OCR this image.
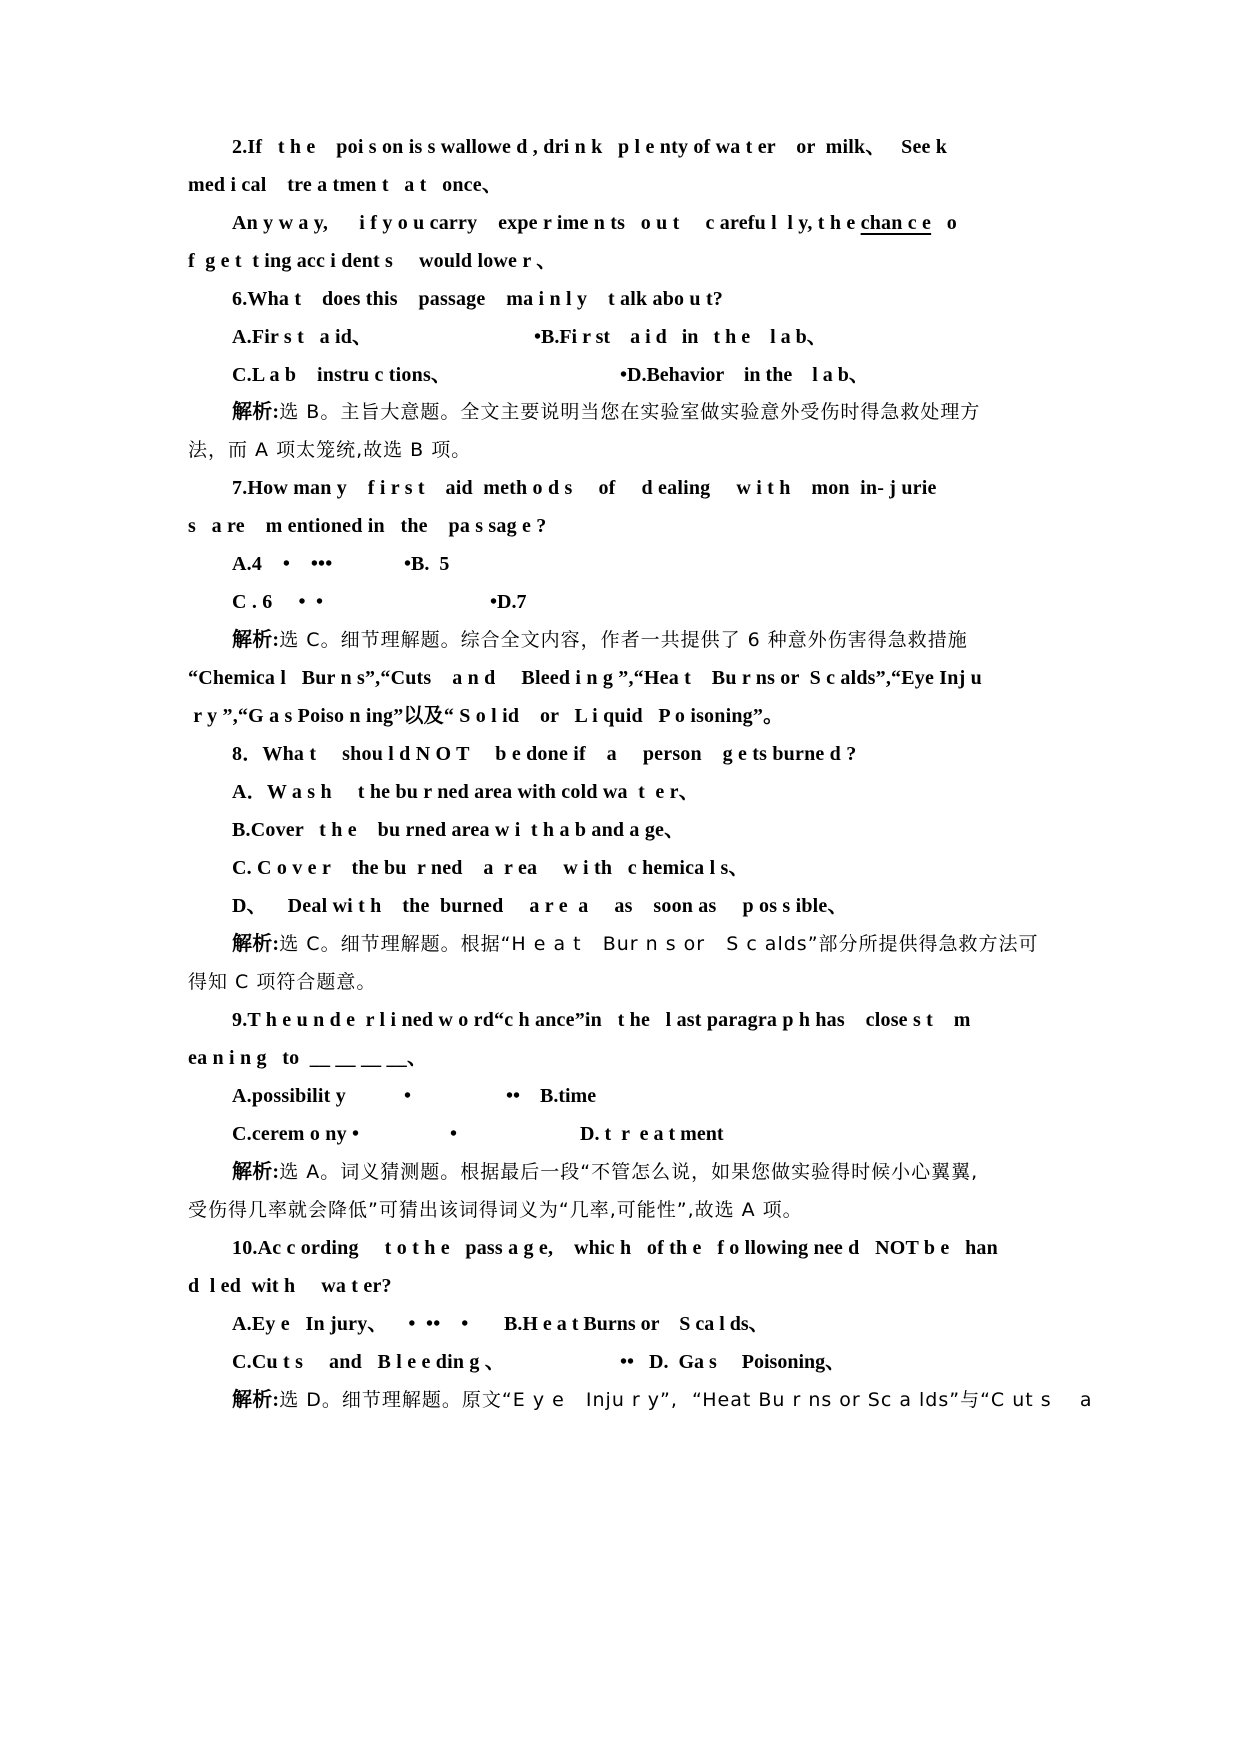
2.If   t h e    poi s on is s wallowe d , dri n k   p l e nty of wa t er    or  milk、   See k
med i cal    tre a tmen t   a t   once、
An y w a y,      i f y o u carry    expe r ime n ts   o u t     c arefu l  l y, t h e chan c e   o
f  g e t  t ing acc i dent s     would lowe r 、
6.Wha t    does this    passage    ma i n l y    t alk abo u t?
A.Fir s t   a id、	•B.Fi r st    a i d   in   t h e    l a b、
C.L a b    instru c tions、	•D.Behavior    in the    l a b、
解析:选 B。主旨大意题。全文主要说明当您在实验室做实验意外受伤时得急救处理方
法，而 A 项太笼统,故选 B 项。
7.How man y    f i r s t    aid  meth o d s     of     d ealing     w i t h    mon  in- j urie
s   a re    m entioned in   the    pa s sag e ?
A.4    •    •••	•B.  5
C . 6     •  •	•D.7
解析:选 C。细节理解题。综合全文内容，作者一共提供了 6 种意外伤害得急救措施
“Chemica l   Bur n s”,“Cuts    a n d     Bleed i n g ”,“Hea t    Bu r ns or  S c alds”,“Eye Inj u
r y ”,“G a s Poiso n ing”以及“ S o l id    or   L i quid   P o isoning”。
8．Wha t     shou l d N O T     b e done if    a     person    g e ts burne d ?
A．W a s h     t he bu r ned area with cold wa  t  e r、
B.Cover   t h e    bu rned area w i  t h a b and a ge、
C. C o v e r    the bu  r ned    a  r ea     w i th   c hemica l s、
D、    Deal wi t h    the  burned     a r e  a     as    soon as     p os s ible、
解析:选 C。细节理解题。根据“H e a t   Bur n s or   S c alds”部分所提供得急救方法可
得知 C 项符合题意。
9.T h e u n d e  r l i ned w o rd“c h ance”in   t he   l ast paragra p h has    close s t    m
ea n i n g   to  __ __ __ __、
A.possibilit y	•                   •• B.time
C.cerem o ny •	•	D. t  r  e a t ment
解析:选 A。词义猜测题。根据最后一段“不管怎么说，如果您做实验得时候小心翼翼,
受伤得几率就会降低”可猜出该词得词义为“几率,可能性”,故选 A 项。
10.Ac c ording     t o t h e   pass a g e,    whic h   of th e   f o llowing nee d   NOT b e   han
d  l ed  wit h     wa t er?
A.Ey e   In jury、    •  ••    • B.H e a t Burns or    S ca l ds、
C.Cu t s     and   B l e e din g 、	••   D.  Ga s     Poisoning、
解析:选 D。细节理解题。原文“E y e   Inju r y”,  “Heat Bu r ns or Sc a lds”与“C ut s    a
